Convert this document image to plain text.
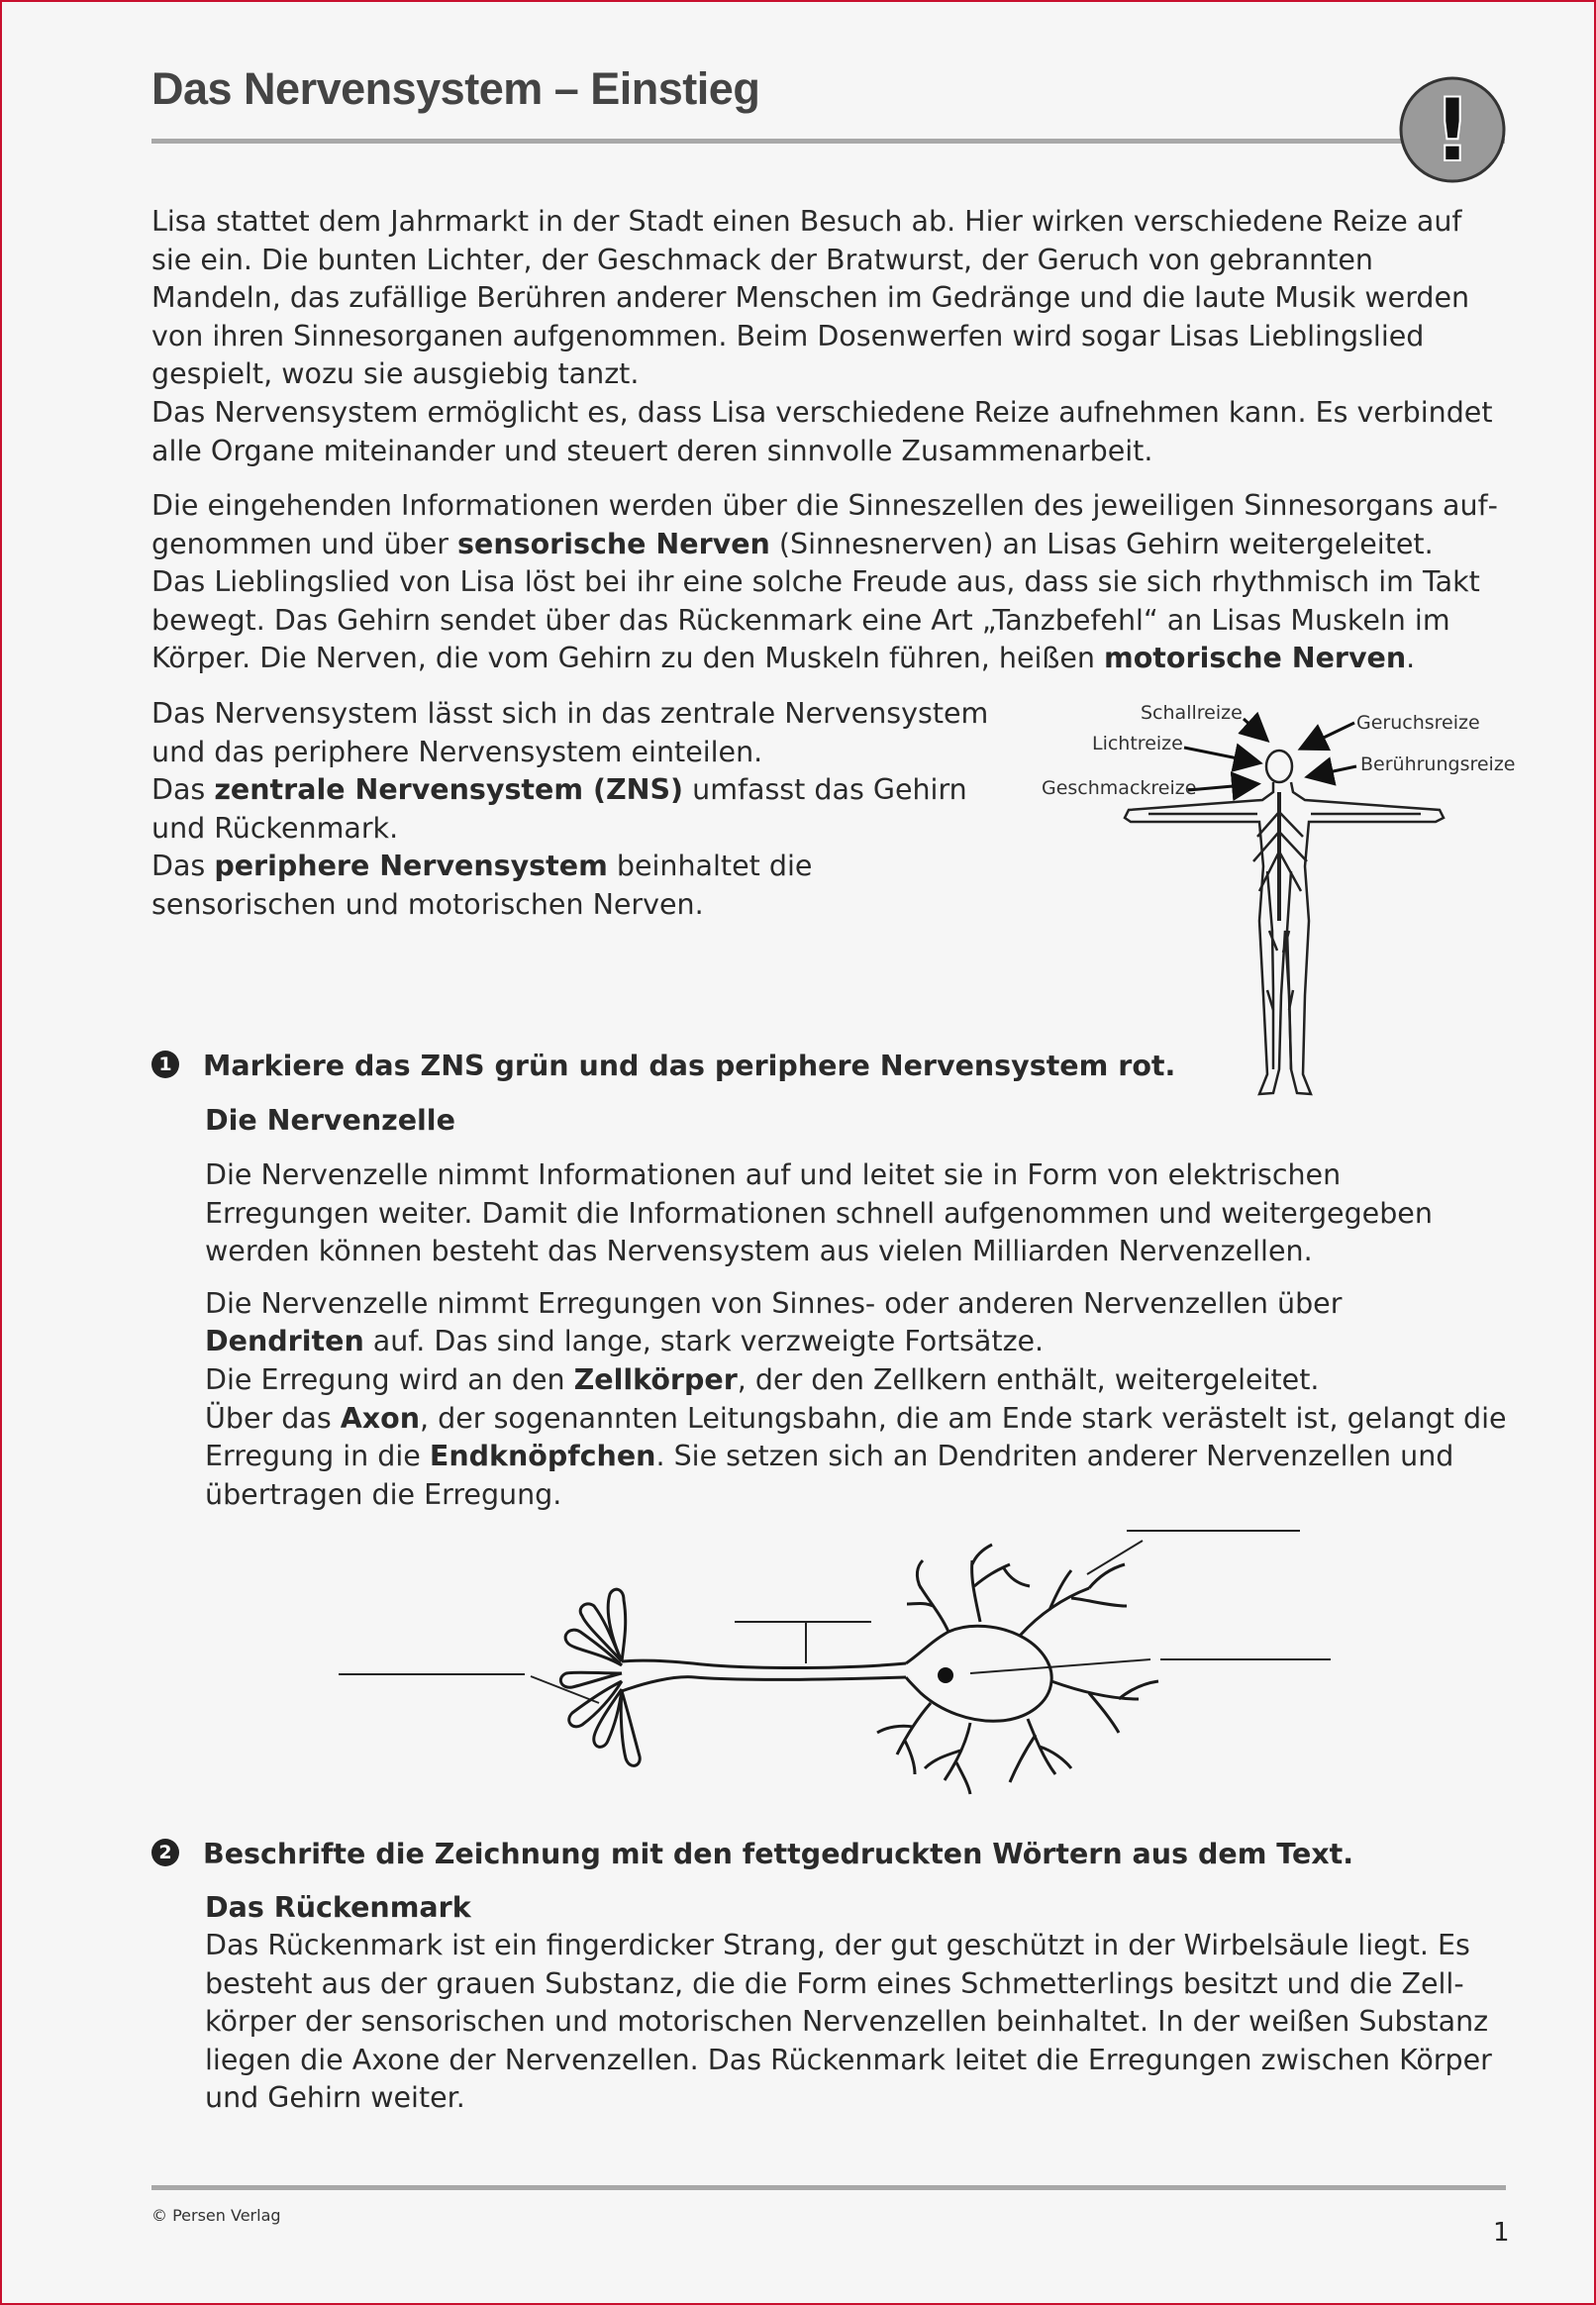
Das Nervensystem – Einstieg	!

Lisa stattet dem Jahrmarkt in der Stadt einen Besuch ab. Hier wirken verschiedene Reize auf sie ein. Die bunten Lichter, der Geschmack der Bratwurst, der Geruch von gebrannten Mandeln, das zufällige Berühren anderer Menschen im Gedränge und die laute Musik werden von ihren Sinnesorganen aufgenommen. Beim Dosenwerfen wird sogar Lisas Lieblingslied gespielt, wozu sie ausgiebig tanzt.

Das Nervensystem ermöglicht es, dass Lisa verschiedene Reize aufnehmen kann. Es verbindet alle Organe miteinander und steuert deren sinnvolle Zusammenarbeit.

Die eingehenden Informationen werden über die Sinneszellen des jeweiligen Sinnesorgans aufgenommen und über sensorische Nerven (Sinnesnerven) an Lisas Gehirn weitergeleitet.

Das Lieblingslied von Lisa löst bei ihr eine solche Freude aus, dass sie sich rhythmisch im Takt bewegt. Das Gehirn sendet über das Rückenmark eine Art „Tanzbefehl“ an Lisas Muskeln im Körper. Die Nerven, die vom Gehirn zu den Muskeln führen, heißen motorische Nerven.

Das Nervensystem lässt sich in das zentrale Nervensystem und das periphere Nervensystem einteilen.

Das zentrale Nervensystem (ZNS) umfasst das Gehirn und Rückenmark.

Das periphere Nervensystem beinhaltet die sensorischen und motorischen Nerven.

Schallreize
Lichtreize
Geschmackreize
Geruchsreize
Berührungsreize

1 Markiere das ZNS grün und das periphere Nervensystem rot.

Die Nervenzelle

Die Nervenzelle nimmt Informationen auf und leitet sie in Form von elektrischen Erregungen weiter. Damit die Informationen schnell aufgenommen und weitergegeben werden können besteht das Nervensystem aus vielen Milliarden Nervenzellen.

Die Nervenzelle nimmt Erregungen von Sinnes- oder anderen Nervenzellen über Dendriten auf. Das sind lange, stark verzweigte Fortsätze.

Die Erregung wird an den Zellkörper, der den Zellkern enthält, weitergeleitet.

Über das Axon, der sogenannten Leitungsbahn, die am Ende stark verästelt ist, gelangt die Erregung in die Endknöpfchen. Sie setzen sich an Dendriten anderer Nervenzellen und übertragen die Erregung.

2 Beschrifte die Zeichnung mit den fettgedruckten Wörtern aus dem Text.

Das Rückenmark

Das Rückenmark ist ein fingerdicker Strang, der gut geschützt in der Wirbelsäule liegt. Es besteht aus der grauen Substanz, die die Form eines Schmetterlings besitzt und die Zellkörper der sensorischen und motorischen Nervenzellen beinhaltet. In der weißen Substanz liegen die Axone der Nervenzellen. Das Rückenmark leitet die Erregungen zwischen Körper und Gehirn weiter.

© Persen Verlag
1
